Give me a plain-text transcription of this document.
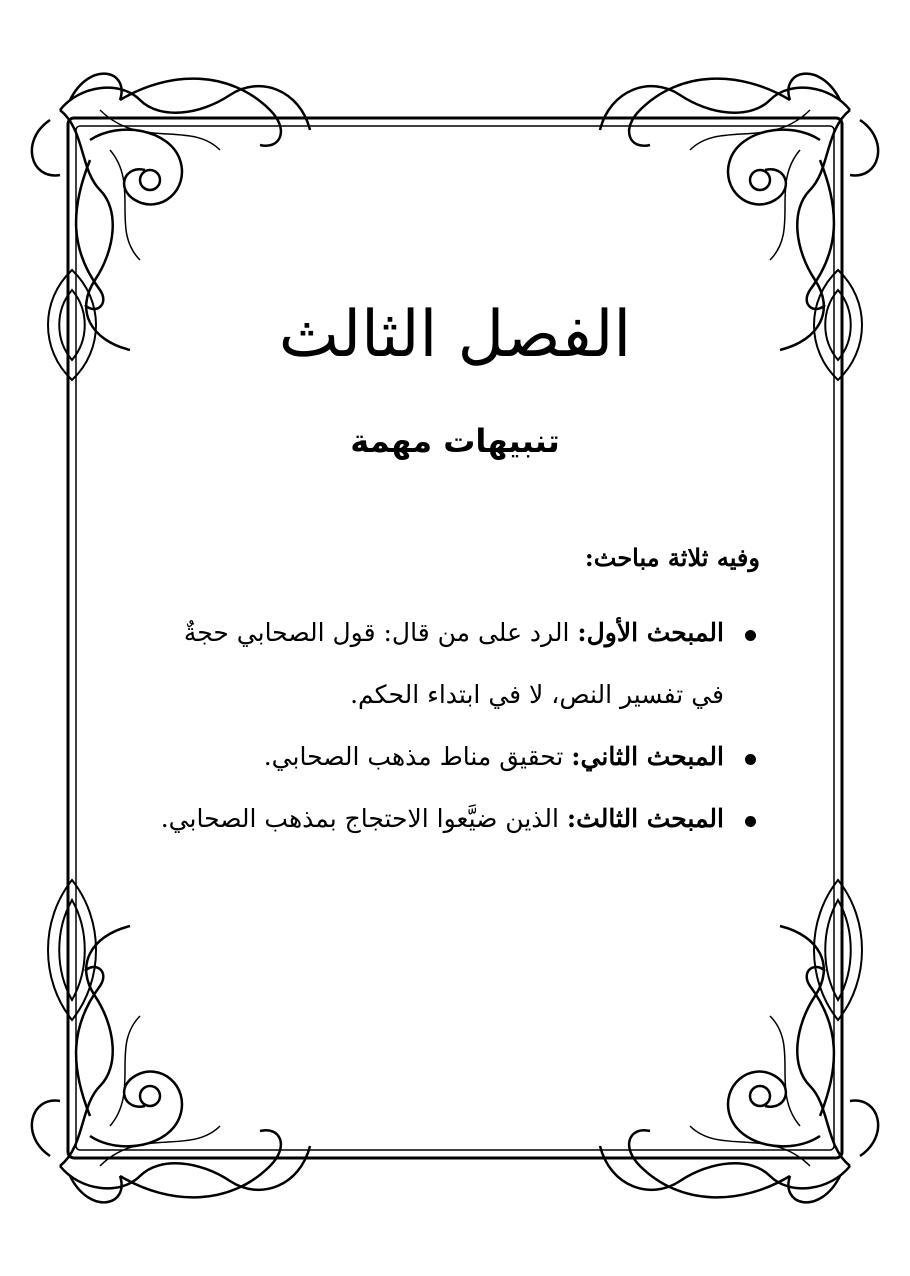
الفصل الثالث
تنبيهات مهمة

وفيه ثلاثة مباحث:

المبحث الأول: الرد على من قال: قول الصحابي حجةٌ في تفسير النص، لا في ابتداء الحكم.
المبحث الثاني: تحقيق مناط مذهب الصحابي.
المبحث الثالث: الذين ضيَّعوا الاحتجاج بمذهب الصحابي.
